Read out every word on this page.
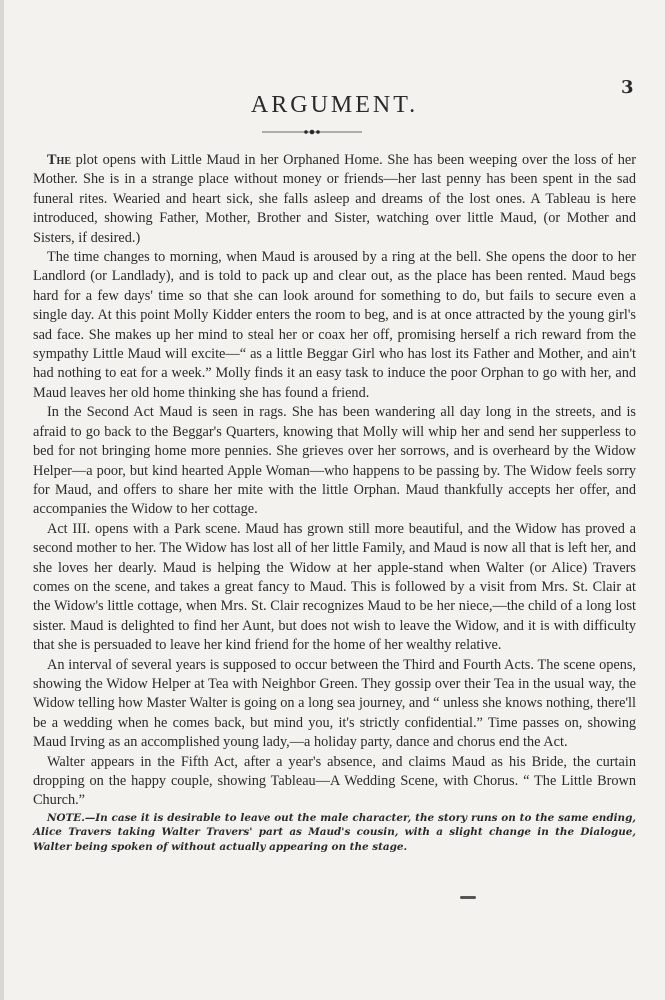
3
ARGUMENT.

The plot opens with Little Maud in her Orphaned Home. She has been weeping over the loss of her Mother. She is in a strange place without money or friends—her last penny has been spent in the sad funeral rites. Wearied and heart sick, she falls asleep and dreams of the lost ones. A Tableau is here introduced, showing Father, Mother, Brother and Sister, watching over little Maud, (or Mother and Sisters, if desired.)

The time changes to morning, when Maud is aroused by a ring at the bell. She opens the door to her Landlord (or Landlady), and is told to pack up and clear out, as the place has been rented. Maud begs hard for a few days' time so that she can look around for something to do, but fails to secure even a single day. At this point Molly Kidder enters the room to beg, and is at once attracted by the young girl's sad face. She makes up her mind to steal her or coax her off, promising herself a rich reward from the sympathy Little Maud will excite—“ as a little Beggar Girl who has lost its Father and Mother, and ain't had nothing to eat for a week.” Molly finds it an easy task to induce the poor Orphan to go with her, and Maud leaves her old home thinking she has found a friend.

In the Second Act Maud is seen in rags. She has been wandering all day long in the streets, and is afraid to go back to the Beggar's Quarters, knowing that Molly will whip her and send her supperless to bed for not bringing home more pennies. She grieves over her sorrows, and is overheard by the Widow Helper—a poor, but kind hearted Apple Woman—who happens to be passing by. The Widow feels sorry for Maud, and offers to share her mite with the little Orphan. Maud thankfully accepts her offer, and accompanies the Widow to her cottage.

Act III. opens with a Park scene. Maud has grown still more beautiful, and the Widow has proved a second mother to her. The Widow has lost all of her little Family, and Maud is now all that is left her, and she loves her dearly. Maud is helping the Widow at her apple-stand when Walter (or Alice) Travers comes on the scene, and takes a great fancy to Maud. This is followed by a visit from Mrs. St. Clair at the Widow's little cottage, when Mrs. St. Clair recognizes Maud to be her niece,—the child of a long lost sister. Maud is delighted to find her Aunt, but does not wish to leave the Widow, and it is with difficulty that she is persuaded to leave her kind friend for the home of her wealthy relative.

An interval of several years is supposed to occur between the Third and Fourth Acts. The scene opens, showing the Widow Helper at Tea with Neighbor Green. They gossip over their Tea in the usual way, the Widow telling how Master Walter is going on a long sea journey, and “ unless she knows nothing, there'll be a wedding when he comes back, but mind you, it's strictly confidential.” Time passes on, showing Maud Irving as an accomplished young lady,—a holiday party, dance and chorus end the Act.

Walter appears in the Fifth Act, after a year's absence, and claims Maud as his Bride, the curtain dropping on the happy couple, showing Tableau—A Wedding Scene, with Chorus. “ The Little Brown Church.”

NOTE.—In case it is desirable to leave out the male character, the story runs on to the same ending, Alice Travers taking Walter Travers' part as Maud's cousin, with a slight change in the Dialogue, Walter being spoken of without actually appearing on the stage.
